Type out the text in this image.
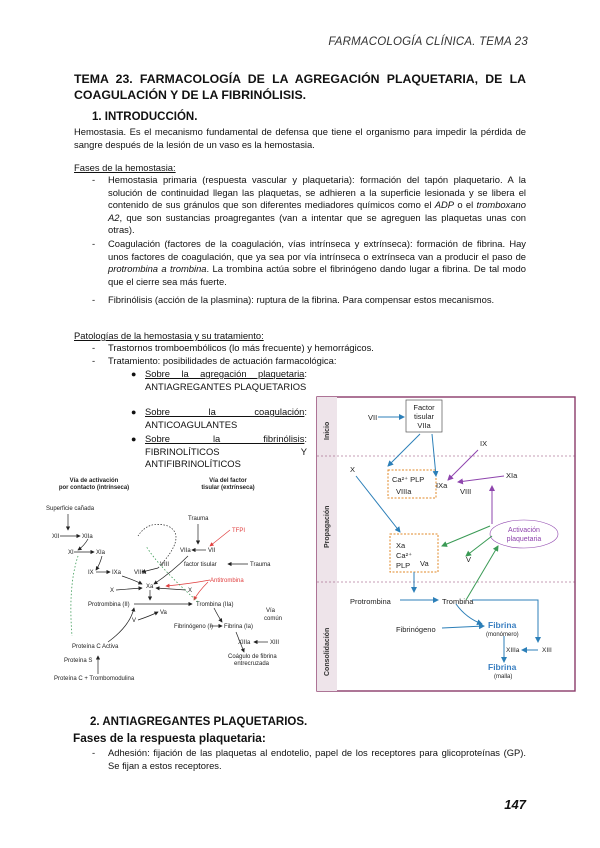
FARMACOLOGÍA CLÍNICA. TEMA 23
TEMA 23. FARMACOLOGÍA DE LA AGREGACIÓN PLAQUETARIA, DE LA COAGULACIÓN Y DE LA FIBRINÓLISIS.
1. INTRODUCCIÓN.
Hemostasia. Es el mecanismo fundamental de defensa que tiene el organismo para impedir la pérdida de sangre después de la lesión de un vaso es la hemostasia.
Fases de la hemostasia:
- Hemostasia primaria (respuesta vascular y plaquetaria): formación del tapón plaquetario. A la solución de continuidad llegan las plaquetas, se adhieren a la superficie lesionada y se libera el contenido de sus gránulos que son diferentes mediadores químicos como el ADP o el tromboxano A2, que son sustancias proagregantes (van a intentar que se agreguen las plaquetas unas con otras).
- Coagulación (factores de la coagulación, vías intrínseca y extrínseca): formación de fibrina. Hay unos factores de coagulación, que ya sea por vía intrínseca o extrínseca van a producir el paso de protrombina a trombina. La trombina actúa sobre el fibrinógeno dando lugar a fibrina. De tal modo que el cierre sea más fuerte.
- Fibrinólisis (acción de la plasmina): ruptura de la fibrina. Para compensar estos mecanismos.
Patologías de la hemostasia y su tratamiento:
- Trastornos tromboembólicos (lo más frecuente) y hemorrágicos.
- Tratamiento: posibilidades de actuación farmacológica:
● Sobre la agregación plaquetaria:
ANTIAGREGANTES PLAQUETARIOS
● Sobre la coagulación:
ANTICOAGULANTES
● Sobre la fibrinólisis:
FIBRINOLÍTICOS	Y
ANTIFIBRINOLÍTICOS
Vía de activación
por contacto (intrínseca)
Vía del factor
tisular (extrínseca)
Superficie cañada
XII	XIIa
XI	XIa
IX	IXa VIIIa
VIII
Trauma
TFPI
VIIa	VII
factor tisular	Trauma
Antitrombina
X
Xa
X
Protrombina (II)	Trombina (IIa)
V
Va
Fibrinógeno (I) Fibrina (Ia)
Vía
común
XIIIa	XIII
Coágulo de fibrina
entrecruzada
Proteína C Activa
Proteína S
Proteína C + Trombomodulina
Inicio
Propagación
Consolidación
VII
Factor
tisular
VIIa
IX
XIa
X
Ca²⁺ PLP
VIIIa
IXa
VIII
Activación
plaquetaria
Xa
Ca²⁺
PLP Va	V
Protrombina	Trombina
Fibrinógeno	Fibrina
(monómero)
XIIIa	XIII
Fibrina
(malla)
2. ANTIAGREGANTES PLAQUETARIOS.
Fases de la respuesta plaquetaria:
- Adhesión: fijación de las plaquetas al endotelio, papel de los receptores para glicoproteínas (GP). Se fijan a estos receptores.
147
